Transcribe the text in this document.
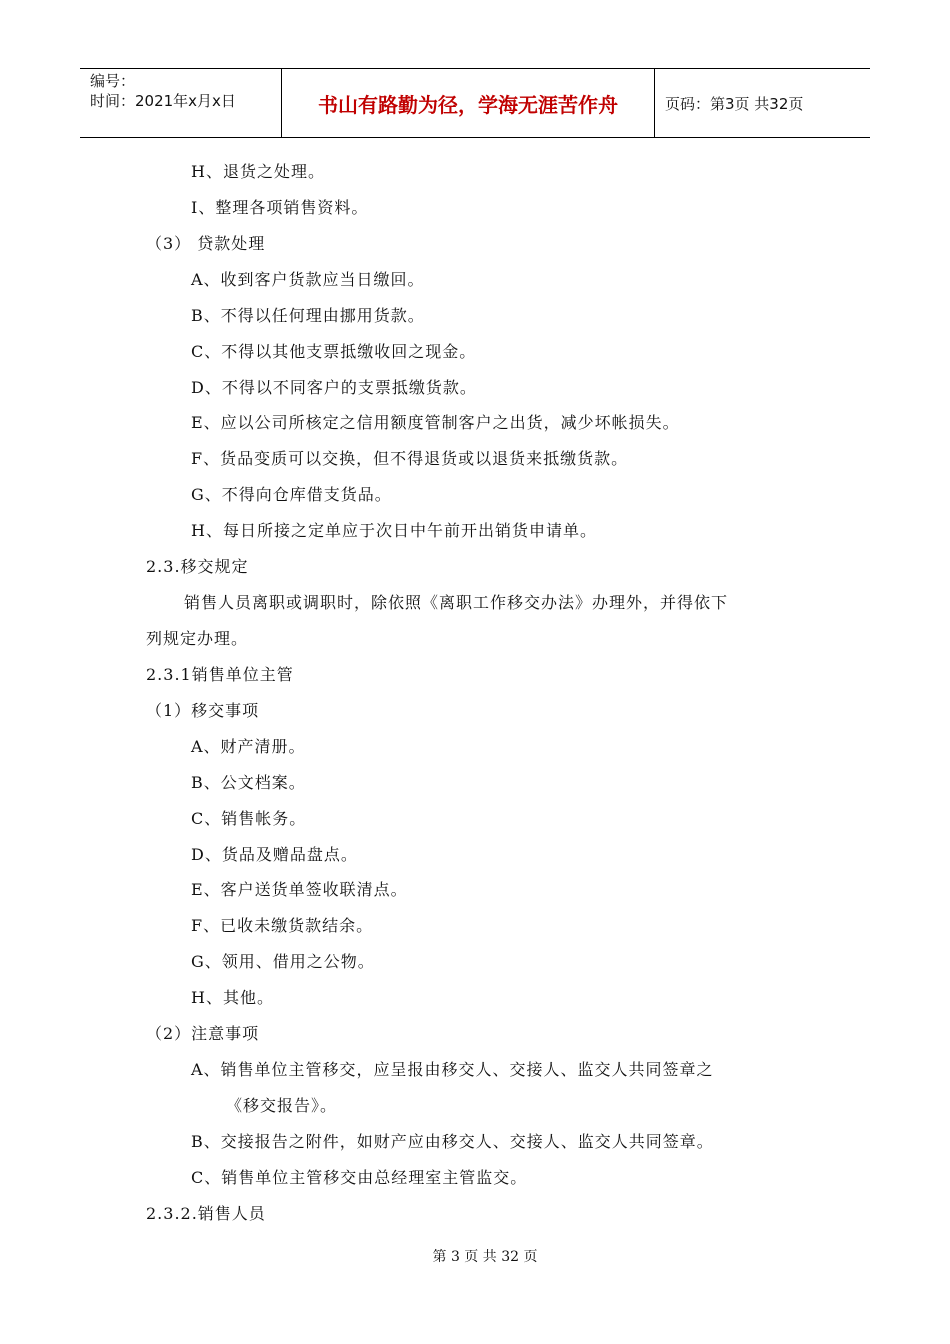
编号：
时间：2021年x月x日	书山有路勤为径，学海无涯苦作舟	页码：第3页 共32页
H、退货之处理。
I、整理各项销售资料。
（3） 贷款处理
A、收到客户货款应当日缴回。
B、不得以任何理由挪用货款。
C、不得以其他支票抵缴收回之现金。
D、不得以不同客户的支票抵缴货款。
E、应以公司所核定之信用额度管制客户之出货，减少坏帐损失。
F、货品变质可以交换，但不得退货或以退货来抵缴货款。
G、不得向仓库借支货品。
H、每日所接之定单应于次日中午前开出销货申请单。
2.3.移交规定
销售人员离职或调职时，除依照《离职工作移交办法》办理外，并得依下
列规定办理。
2.3.1销售单位主管
（1）移交事项
A、财产清册。
B、公文档案。
C、销售帐务。
D、货品及赠品盘点。
E、客户送货单签收联清点。
F、已收未缴货款结余。
G、领用、借用之公物。
H、其他。
（2）注意事项
A、销售单位主管移交，应呈报由移交人、交接人、监交人共同签章之
《移交报告》。
B、交接报告之附件，如财产应由移交人、交接人、监交人共同签章。
C、销售单位主管移交由总经理室主管监交。
2.3.2.销售人员
第 3 页 共 32 页
